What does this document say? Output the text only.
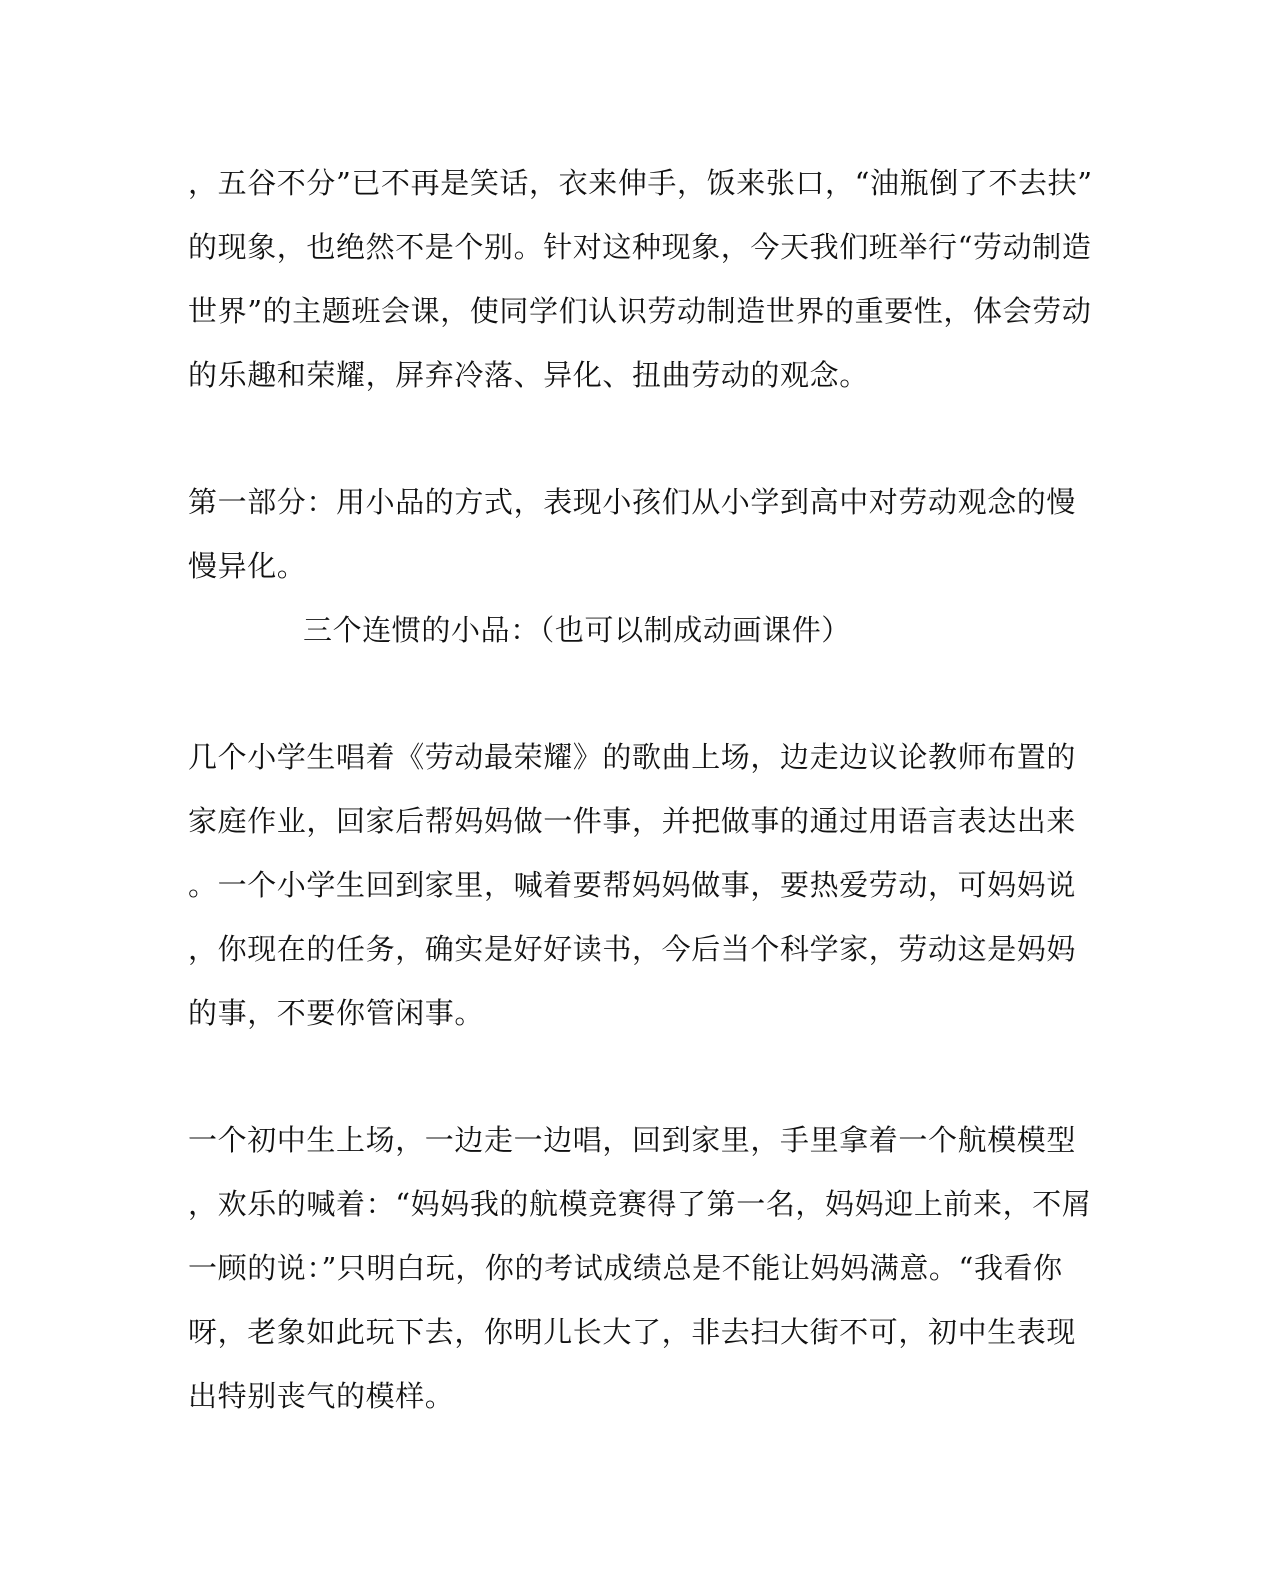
，五谷不分”已不再是笑话，衣来伸手，饭来张口，“油瓶倒了不去扶”
的现象，也绝然不是个别。针对这种现象，今天我们班举行“劳动制造
世界”的主题班会课，使同学们认识劳动制造世界的重要性，体会劳动
的乐趣和荣耀，屏弃冷落、异化、扭曲劳动的观念。
第一部分：用小品的方式，表现小孩们从小学到高中对劳动观念的慢
慢异化。
三个连惯的小品：（也可以制成动画课件）
几个小学生唱着《劳动最荣耀》的歌曲上场，边走边议论教师布置的
家庭作业，回家后帮妈妈做一件事，并把做事的通过用语言表达出来
。一个小学生回到家里，喊着要帮妈妈做事，要热爱劳动，可妈妈说
，你现在的任务，确实是好好读书，今后当个科学家，劳动这是妈妈
的事，不要你管闲事。
一个初中生上场，一边走一边唱，回到家里，手里拿着一个航模模型
，欢乐的喊着：“妈妈我的航模竞赛得了第一名，妈妈迎上前来，不屑
一顾的说：”只明白玩，你的考试成绩总是不能让妈妈满意。“我看你
呀，老象如此玩下去，你明儿长大了，非去扫大街不可，初中生表现
出特别丧气的模样。
